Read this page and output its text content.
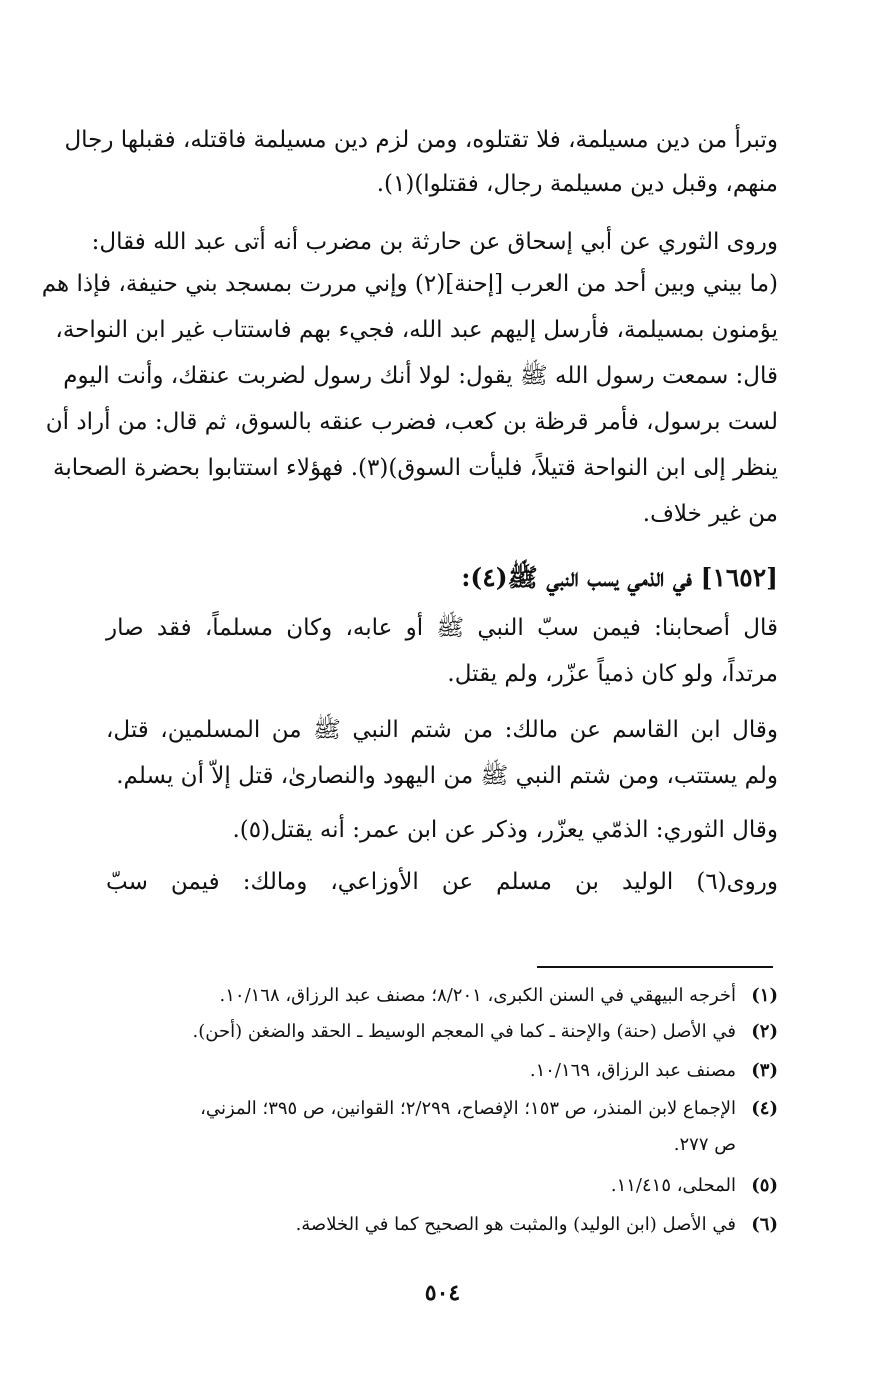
وتبرأ من دين مسيلمة، فلا تقتلوه، ومن لزم دين مسيلمة فاقتله، فقبلها رجال
منهم، وقبل دين مسيلمة رجال، فقتلوا)(١).
وروى الثوري عن أبي إسحاق عن حارثة بن مضرب أنه أتى عبد الله فقال:
(ما بيني وبين أحد من العرب [إحنة](٢) وإني مررت بمسجد بني حنيفة، فإذا هم
يؤمنون بمسيلمة، فأرسل إليهم عبد الله، فجيء بهم فاستتاب غير ابن النواحة،
قال: سمعت رسول الله ﷺ يقول: لولا أنك رسول لضربت عنقك، وأنت اليوم
لست برسول، فأمر قرظة بن كعب، فضرب عنقه بالسوق، ثم قال: من أراد أن
ينظر إلى ابن النواحة قتيلاً، فليأت السوق)(٣). فهؤلاء استتابوا بحضرة الصحابة
من غير خلاف.
[١٦٥٢] في الذمي يسب النبي ﷺ(٤):
قال أصحابنا: فيمن سبّ النبي ﷺ أو عابه، وكان مسلماً، فقد صار
مرتداً، ولو كان ذمياً عزّر، ولم يقتل.
وقال ابن القاسم عن مالك: من شتم النبي ﷺ من المسلمين، قتل،
ولم يستتب، ومن شتم النبي ﷺ من اليهود والنصارىٰ، قتل إلاّ أن يسلم.
وقال الثوري: الذمّي يعزّر، وذكر عن ابن عمر: أنه يقتل(٥).
وروى(٦) الوليد بن مسلم عن الأوزاعي، ومالك: فيمن سبّ
(١)أخرجه البيهقي في السنن الكبرى، ٨/٢٠١؛ مصنف عبد الرزاق، ١٠/١٦٨.
(٢)في الأصل (حنة) والإحنة ـ كما في المعجم الوسيط ـ الحقد والضغن (أحن).
(٣)مصنف عبد الرزاق، ١٠/١٦٩.
(٤)الإجماع لابن المنذر، ص ١٥٣؛ الإفصاح، ٢/٢٩٩؛ القوانين، ص ٣٩٥؛ المزني،
ص ٢٧٧.
(٥)المحلى، ١١/٤١٥.
(٦)في الأصل (ابن الوليد) والمثبت هو الصحيح كما في الخلاصة.
٥٠٤
